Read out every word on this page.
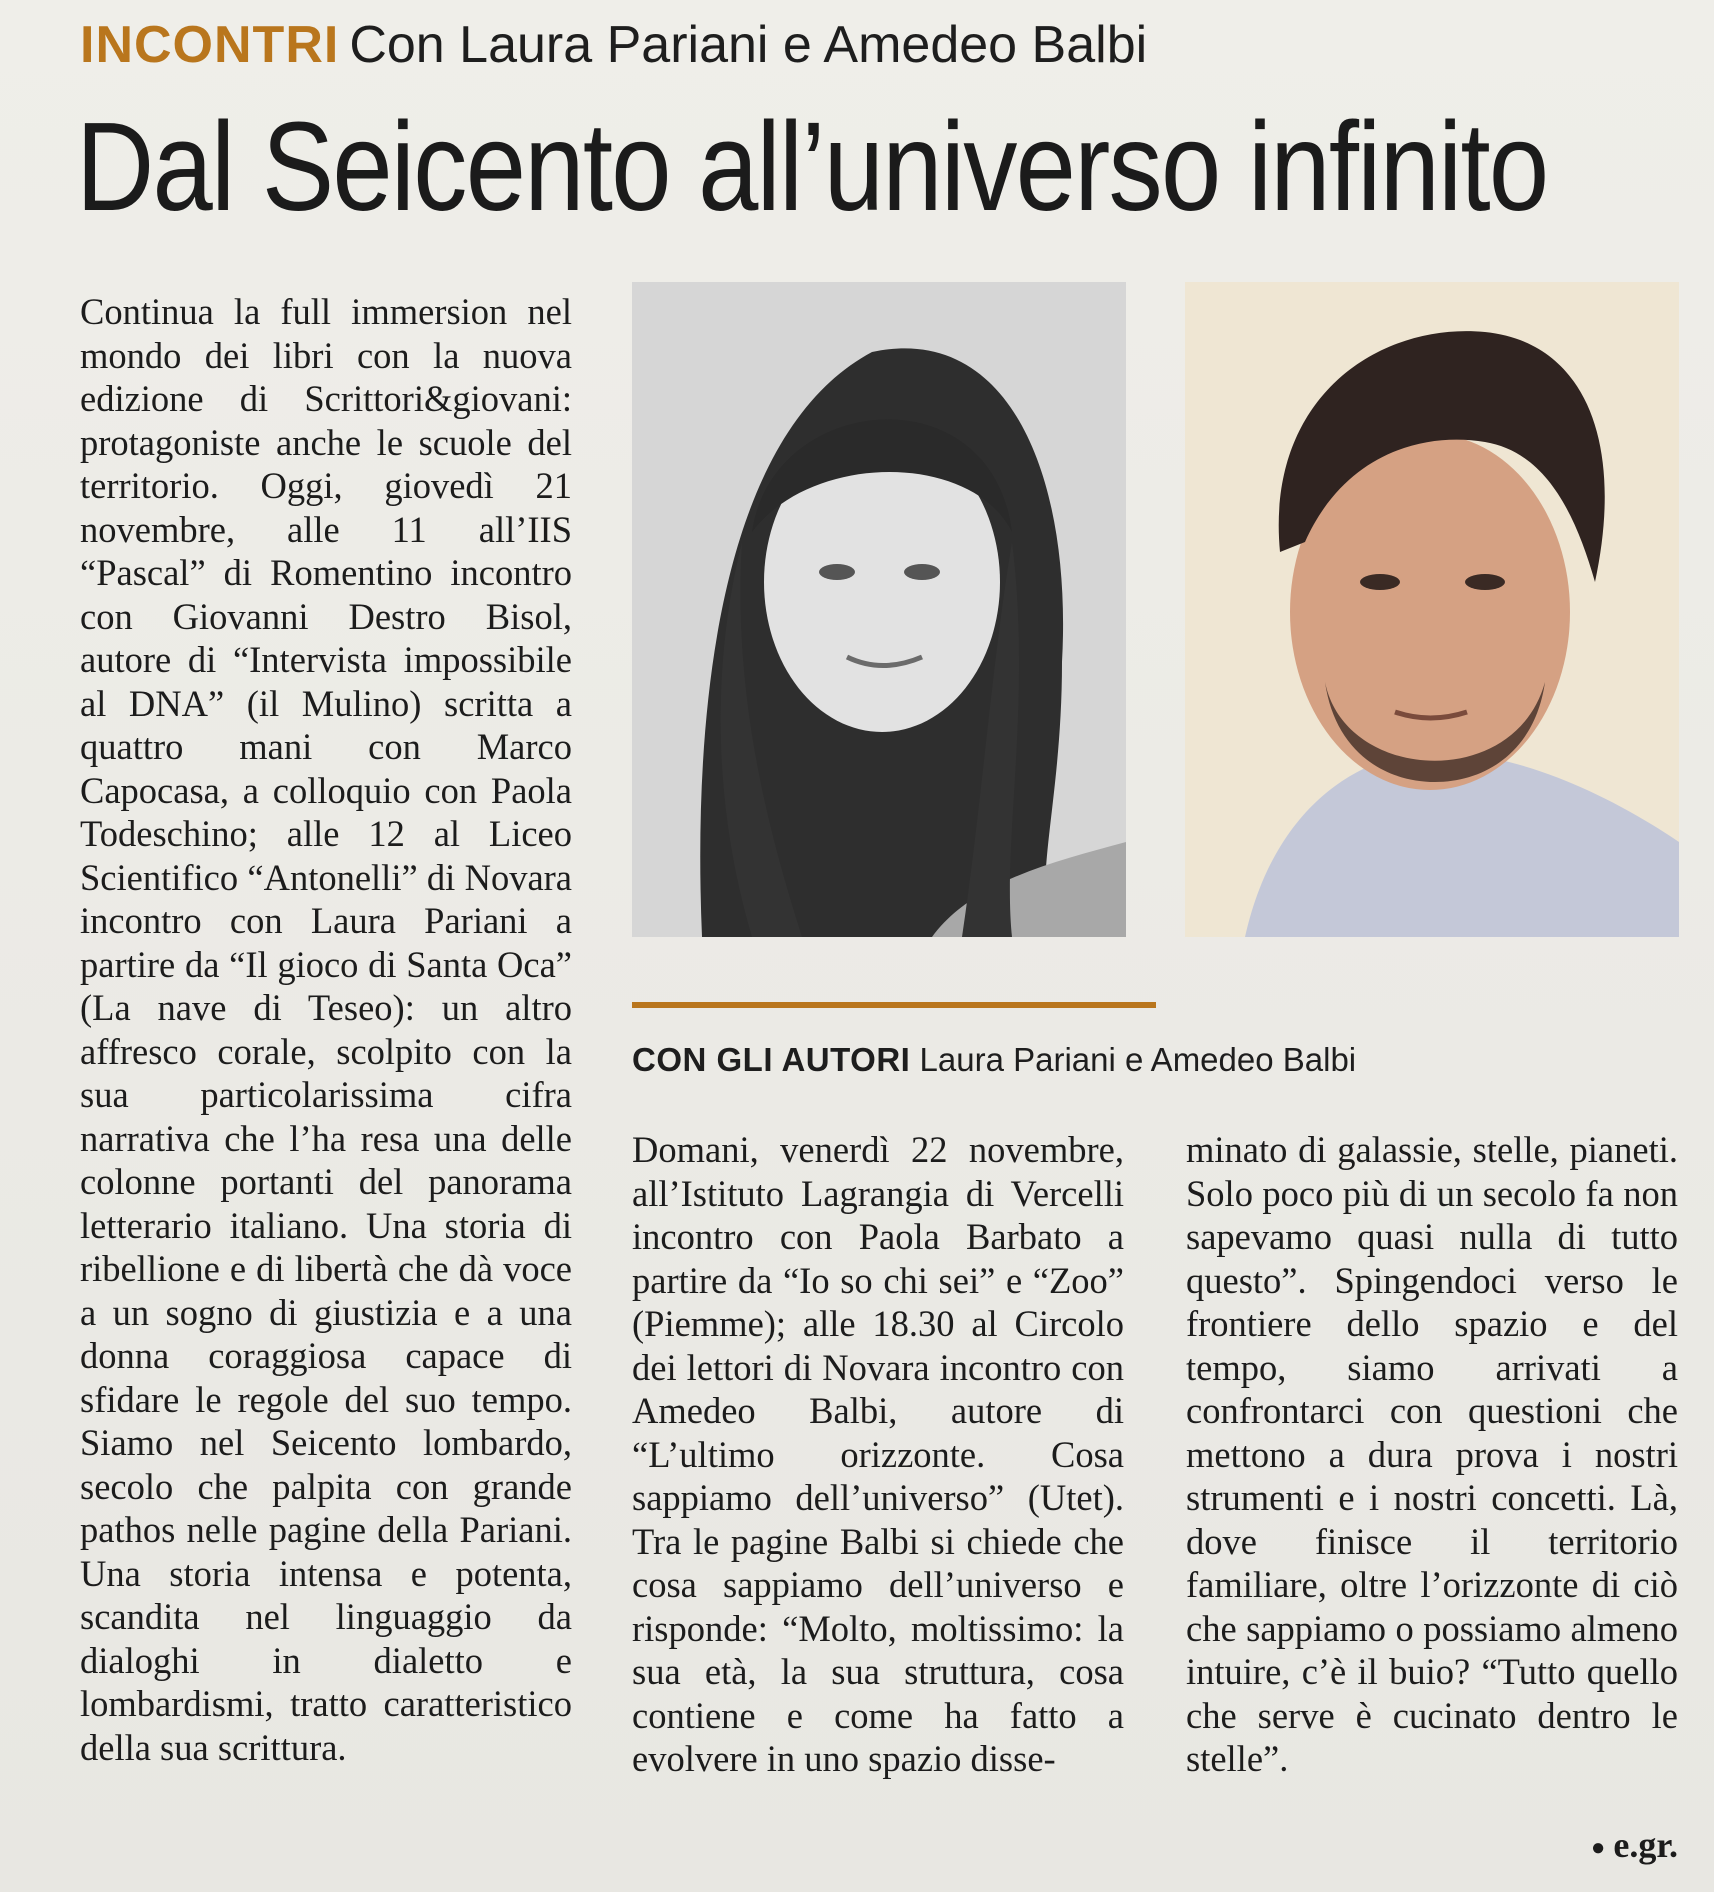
INCONTRI Con Laura Pariani e Amedeo Balbi
Dal Seicento all’universo infinito
Continua la full immersion nel mondo dei libri con la nuova edizione di Scrittori&giovani: protagoniste anche le scuole del territorio. Oggi, giovedì 21 novembre, alle 11 all’IIS “Pascal” di Romentino incontro con Giovanni Destro Bisol, autore di “Intervista impossibile al DNA” (il Mulino) scritta a quattro mani con Marco Capocasa, a colloquio con Paola Todeschino; alle 12 al Liceo Scientifico “Antonelli” di Novara incontro con Laura Pariani a partire da “Il gioco di Santa Oca” (La nave di Teseo): un altro affresco corale, scolpito con la sua particolarissima cifra narrativa che l’ha resa una delle colonne portanti del panorama letterario italiano. Una storia di ribellione e di libertà che dà voce a un sogno di giustizia e a una donna coraggiosa capace di sfidare le regole del suo tempo. Siamo nel Seicento lombardo, secolo che palpita con grande pathos nelle pagine della Pariani. Una storia intensa e potenta, scandita nel linguaggio da dialoghi in dialetto e lombardismi, tratto caratteristico della sua scrittura.
CON GLI AUTORI Laura Pariani e Amedeo Balbi
Domani, venerdì 22 novembre, all’Istituto Lagrangia di Vercelli incontro con Paola Barbato a partire da “Io so chi sei” e “Zoo” (Piemme); alle 18.30 al Circolo dei lettori di Novara incontro con Amedeo Balbi, autore di “L’ultimo orizzonte. Cosa sappiamo dell’universo” (Utet). Tra le pagine Balbi si chiede che cosa sappiamo dell’universo e risponde: “Molto, moltissimo: la sua età, la sua struttura, cosa contiene e come ha fatto a evolvere in uno spazio disse-
minato di galassie, stelle, pianeti. Solo poco più di un secolo fa non sapevamo quasi nulla di tutto questo”. Spingendoci verso le frontiere dello spazio e del tempo, siamo arrivati a confrontarci con questioni che mettono a dura prova i nostri strumenti e i nostri concetti. Là, dove finisce il territorio familiare, oltre l’orizzonte di ciò che sappiamo o possiamo almeno intuire, c’è il buio? “Tutto quello che serve è cucinato dentro le stelle”.
● e.gr.
